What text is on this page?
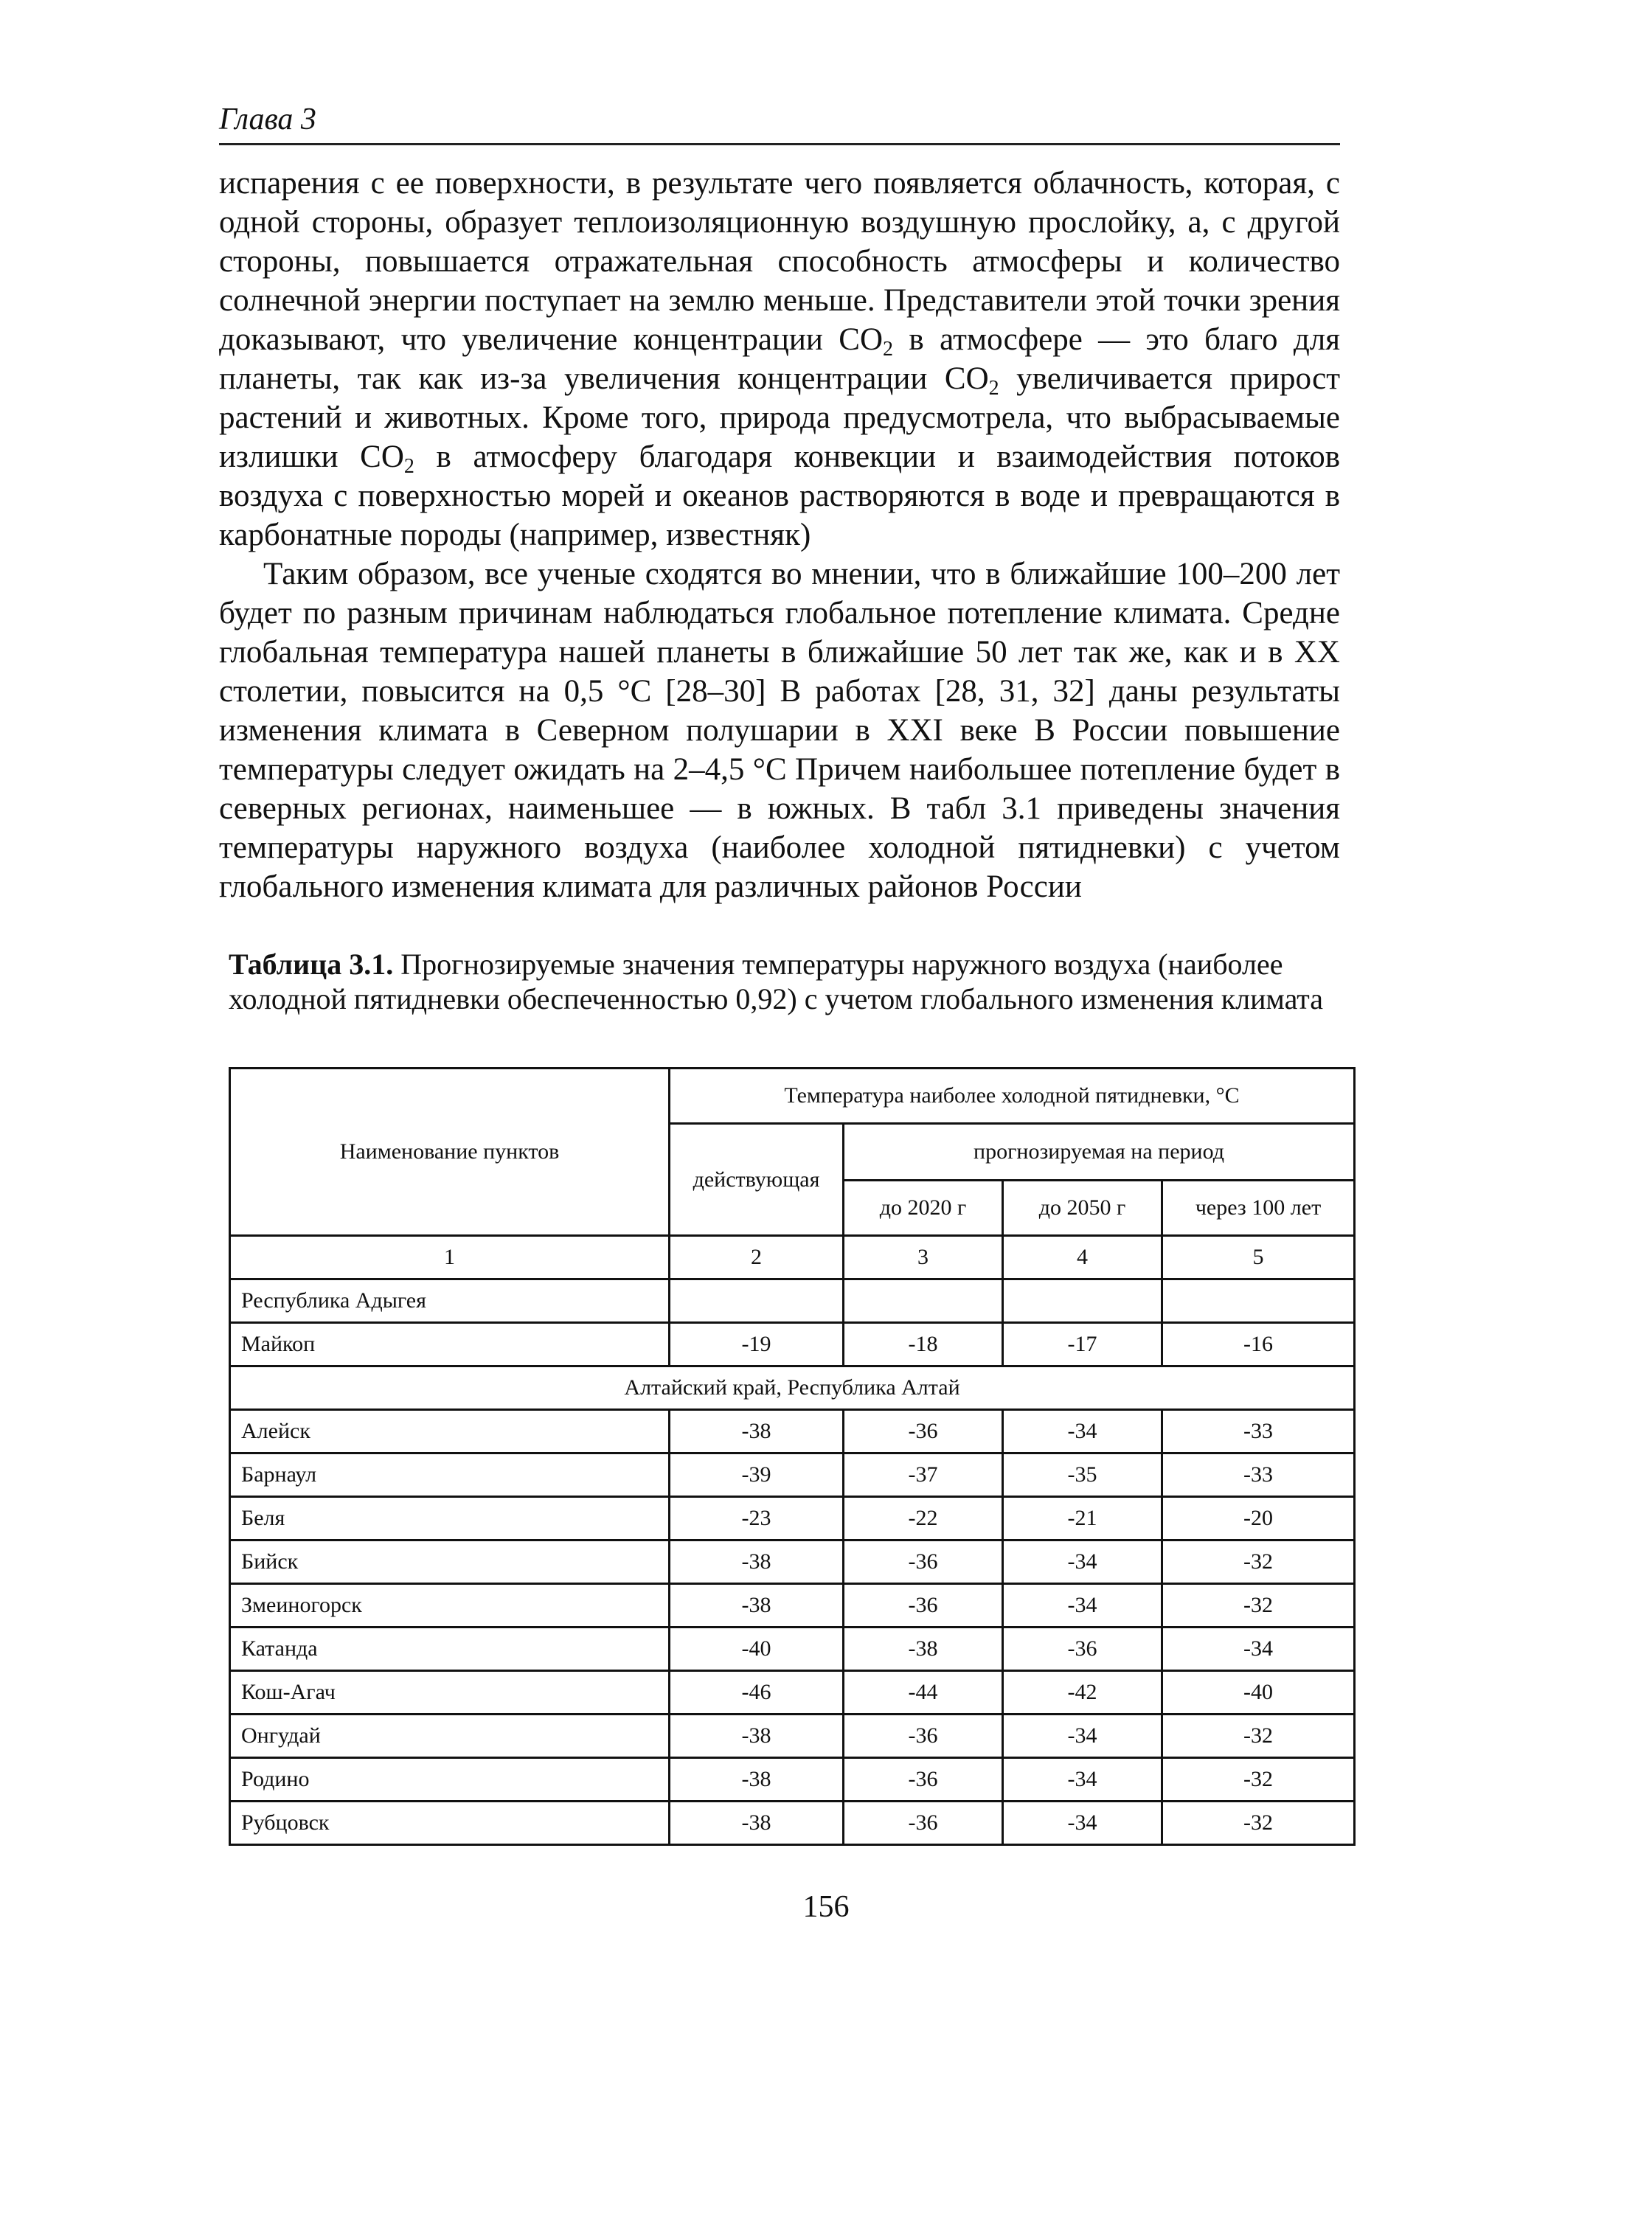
Глава 3

испарения с ее поверхности, в результате чего появляется облачность, которая, с одной стороны, образует теплоизоляционную воздушную прослойку, а, с другой стороны, повышается отражательная способность атмосферы и количество солнечной энергии поступает на землю меньше. Представители этой точки зрения доказывают, что увеличение концентрации $СО_2$ в атмосфере — это благо для планеты, так как из-за увеличения концентрации $СО_2$ увеличивается прирост растений и животных. Кроме того, природа предусмотрела, что выбрасываемые излишки $СО_2$ в атмосферу благодаря конвекции и взаимодействия потоков воздуха с поверхностью морей и океанов растворяются в воде и превращаются в карбонатные породы (например, известняк)

Таким образом, все ученые сходятся во мнении, что в ближайшие 100–200 лет будет по разным причинам наблюдаться глобальное потепление климата. Средне глобальная температура нашей планеты в ближайшие 50 лет так же, как и в XX столетии, повысится на 0,5 °С [28–30] В работах [28, 31, 32] даны результаты изменения климата в Северном полушарии в XXI веке В России повышение температуры следует ожидать на 2–4,5 °С Причем наибольшее потепление будет в северных регионах, наименьшее — в южных. В табл 3.1 приведены значения температуры наружного воздуха (наиболее холодной пятидневки) с учетом глобального изменения климата для различных районов России

Таблица 3.1. Прогнозируемые значения температуры наружного воздуха (наиболее холодной пятидневки обеспеченностью 0,92) с учетом глобального изменения климата

Наименование пунктов	Температура наиболее холодной пятидневки, °С			
	действующая	прогнозируемая на период		
		до 2020 г	до 2050 г	через 100 лет
1	2	3	4	5
Республика Адыгея				
Майкоп	-19	-18	-17	-16
Алтайский край, Республика Алтай				
Алейск	-38	-36	-34	-33
Барнаул	-39	-37	-35	-33
Беля	-23	-22	-21	-20
Бийск	-38	-36	-34	-32
Змеиногорск	-38	-36	-34	-32
Катанда	-40	-38	-36	-34
Кош-Агач	-46	-44	-42	-40
Онгудай	-38	-36	-34	-32
Родино	-38	-36	-34	-32
Рубцовск	-38	-36	-34	-32
156
